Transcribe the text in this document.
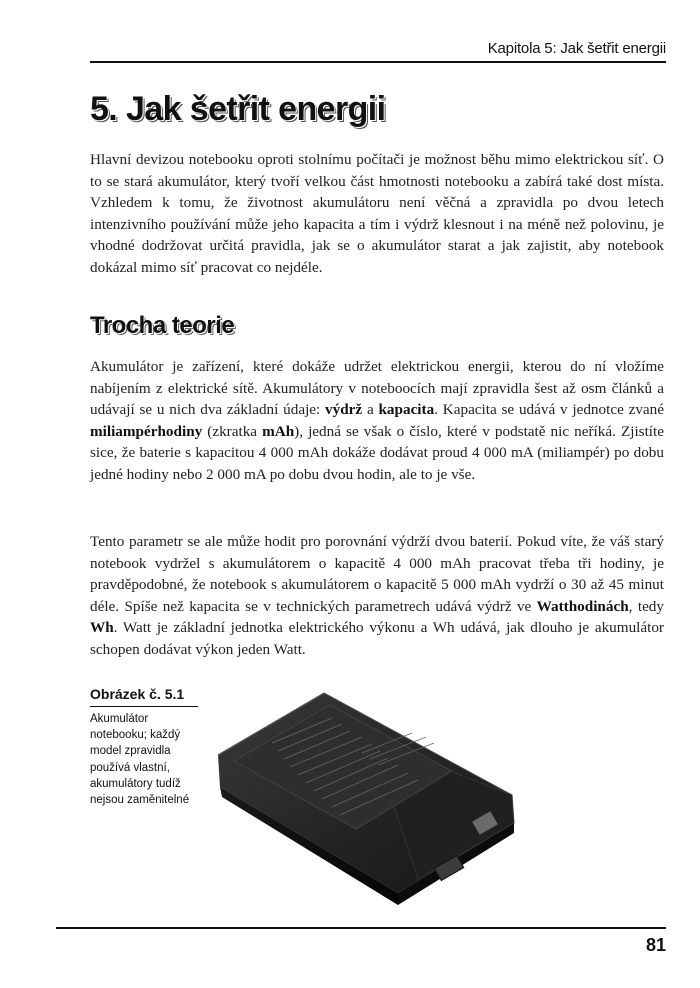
Kapitola 5: Jak šetřit energii
5. Jak šetřit energii

Hlavní devizou notebooku oproti stolnímu počítači je možnost běhu mimo elektrickou síť. O to se stará akumulátor, který tvoří velkou část hmotnosti notebooku a zabírá také dost místa. Vzhledem k tomu, že životnost akumulátoru není věčná a zpravidla po dvou letech intenzivního používání může jeho kapacita a tím i výdrž klesnout i na méně než polovinu, je vhodné dodržovat určitá pravidla, jak se o akumulátor starat a jak zajistit, aby notebook dokázal mimo síť pracovat co nejdéle.

Trocha teorie

Akumulátor je zařízení, které dokáže udržet elektrickou energii, kterou do ní vložíme nabíjením z elektrické sítě. Akumulátory v noteboocích mají zpravidla šest až osm článků a udávají se u nich dva základní údaje: výdrž a kapacita. Kapacita se udává v jednotce zvané miliampérhodiny (zkratka mAh), jedná se však o číslo, které v podstatě nic neříká. Zjistíte sice, že baterie s kapacitou 4 000 mAh dokáže dodávat proud 4 000 mA (miliampér) po dobu jedné hodiny nebo 2 000 mA po dobu dvou hodin, ale to je vše.

Tento parametr se ale může hodit pro porovnání výdrží dvou baterií. Pokud víte, že váš starý notebook vydržel s akumulátorem o kapacitě 4 000 mAh pracovat třeba tři hodiny, je pravděpodobné, že notebook s akumulátorem o kapacitě 5 000 mAh vydrží o 30 až 45 minut déle. Spíše než kapacita se v technických parametrech udává výdrž ve Watthodinách, tedy Wh. Watt je základní jednotka elektrického výkonu a Wh udává, jak dlouho je akumulátor schopen dodávat výkon jeden Watt.

Obrázek č. 5.1
Akumulátor notebooku; každý model zpravidla používá vlastní, akumulátory tudíž nejsou zaměnitelné
81
